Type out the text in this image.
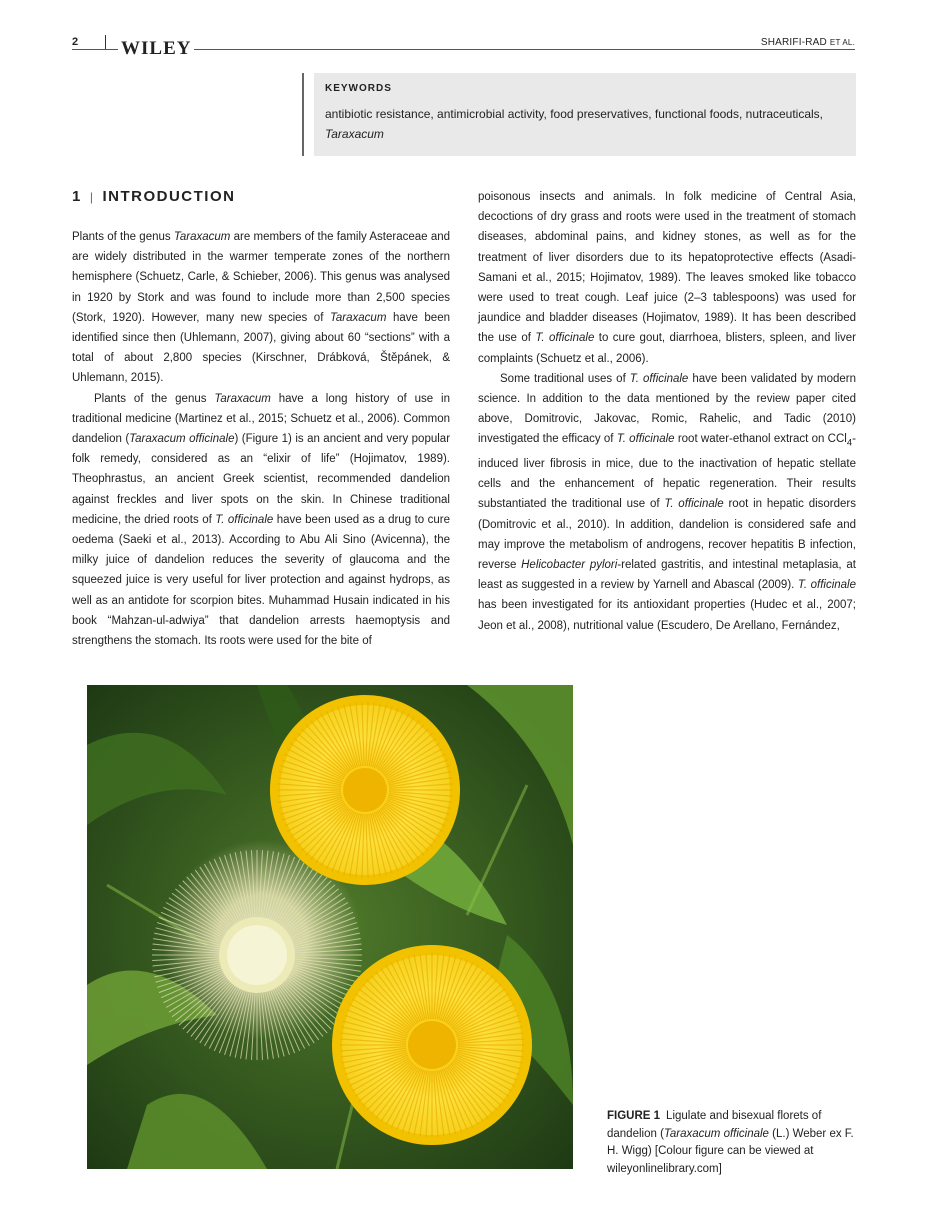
2 WILEY	SHARIFI-RAD ET AL.
KEYWORDS
antibiotic resistance, antimicrobial activity, food preservatives, functional foods, nutraceuticals,
Taraxacum
1 | INTRODUCTION

Plants of the genus Taraxacum are members of the family Asteraceae and are widely distributed in the warmer temperate zones of the northern hemisphere (Schuetz, Carle, & Schieber, 2006). This genus was analysed in 1920 by Stork and was found to include more than 2,500 species (Stork, 1920). However, many new species of Taraxacum have been identified since then (Uhlemann, 2007), giving about 60 “sections” with a total of about 2,800 species (Kirschner, Drábková, Štěpánek, & Uhlemann, 2015).

Plants of the genus Taraxacum have a long history of use in traditional medicine (Martinez et al., 2015; Schuetz et al., 2006). Common dandelion (Taraxacum officinale) (Figure 1) is an ancient and very popular folk remedy, considered as an “elixir of life” (Hojimatov, 1989). Theophrastus, an ancient Greek scientist, recommended dandelion against freckles and liver spots on the skin. In Chinese traditional medicine, the dried roots of T. officinale have been used as a drug to cure oedema (Saeki et al., 2013). According to Abu Ali Sino (Avicenna), the milky juice of dandelion reduces the severity of glaucoma and the squeezed juice is very useful for liver protection and against hydrops, as well as an antidote for scorpion bites. Muhammad Husain indicated in his book “Mahzan-ul-adwiya” that dandelion arrests haemoptysis and strengthens the stomach. Its roots were used for the bite of

poisonous insects and animals. In folk medicine of Central Asia, decoctions of dry grass and roots were used in the treatment of stomach diseases, abdominal pains, and kidney stones, as well as for the treatment of liver disorders due to its hepatoprotective effects (Asadi-Samani et al., 2015; Hojimatov, 1989). The leaves smoked like tobacco were used to treat cough. Leaf juice (2–3 tablespoons) was used for jaundice and bladder diseases (Hojimatov, 1989). It has been described the use of T. officinale to cure gout, diarrhoea, blisters, spleen, and liver complaints (Schuetz et al., 2006).

Some traditional uses of T. officinale have been validated by modern science. In addition to the data mentioned by the review paper cited above, Domitrovic, Jakovac, Romic, Rahelic, and Tadic (2010) investigated the efficacy of T. officinale root water-ethanol extract on CCl$_4$-induced liver fibrosis in mice, due to the inactivation of hepatic stellate cells and the enhancement of hepatic regeneration. Their results substantiated the traditional use of T. officinale root in hepatic disorders (Domitrovic et al., 2010). In addition, dandelion is considered safe and may improve the metabolism of androgens, recover hepatitis B infection, reverse Helicobacter pylori-related gastritis, and intestinal metaplasia, at least as suggested in a review by Yarnell and Abascal (2009). T. officinale has been investigated for its antioxidant properties (Hudec et al., 2007; Jeon et al., 2008), nutritional value (Escudero, De Arellano, Fernández,

FIGURE 1 Ligulate and bisexual florets of dandelion (Taraxacum officinale (L.) Weber ex F. H. Wigg) [Colour figure can be viewed at wileyonlinelibrary.com]
